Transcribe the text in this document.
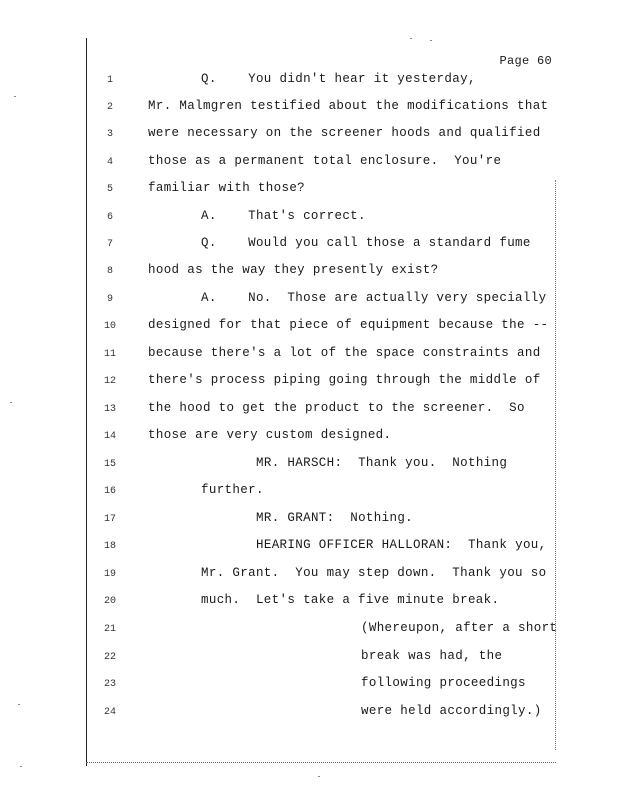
Page 60
1	Q.    You didn't hear it yesterday,
2	Mr. Malmgren testified about the modifications that
3	were necessary on the screener hoods and qualified
4	those as a permanent total enclosure.  You're
5	familiar with those?
6	A.    That's correct.
7	Q.    Would you call those a standard fume
8	hood as the way they presently exist?
9	A.    No.  Those are actually very specially
10	designed for that piece of equipment because the --
11	because there's a lot of the space constraints and
12	there's process piping going through the middle of
13	the hood to get the product to the screener.  So
14	those are very custom designed.
15	MR. HARSCH:  Thank you.  Nothing
16	further.
17	MR. GRANT:  Nothing.
18	HEARING OFFICER HALLORAN:  Thank you,
19	Mr. Grant.  You may step down.  Thank you so
20	much.  Let's take a five minute break.
21	(Whereupon, after a short
22	break was had, the
23	following proceedings
24	were held accordingly.)
